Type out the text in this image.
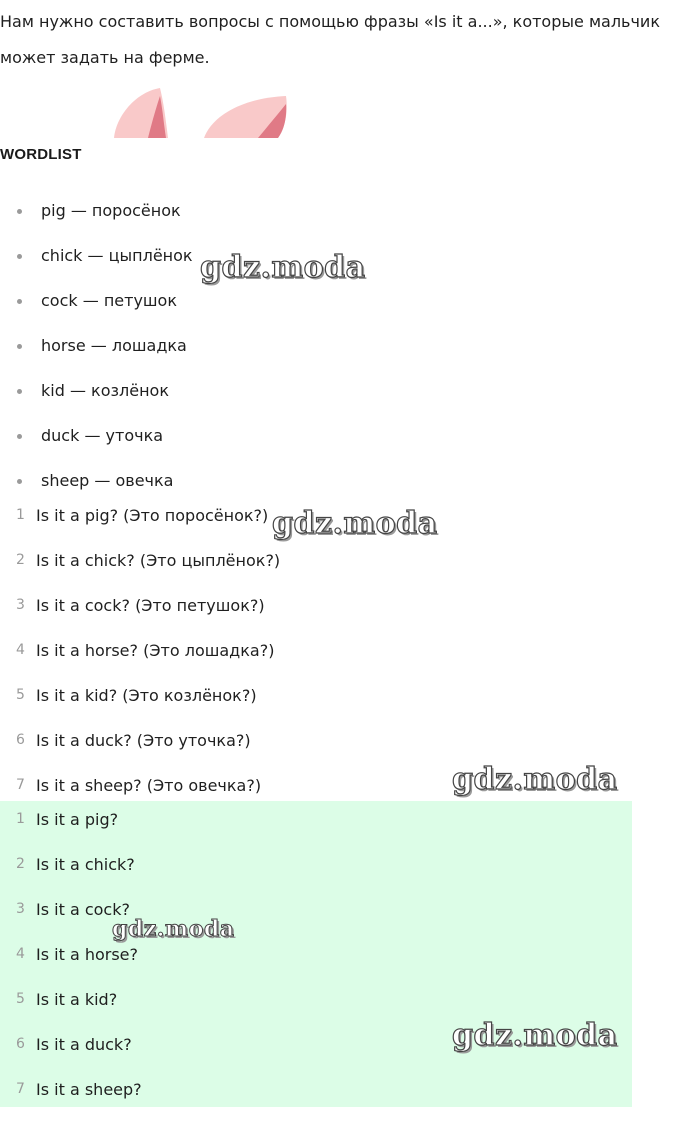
Нам нужно составить вопросы с помощью фразы «Is it a...», которые мальчик может задать на ферме.

WORDLIST
pig — поросёнок
chick — цыплёнок
cock — петушок
horse — лошадка
kid — козлёнок
duck — уточка
sheep — овечка
1 Is it a pig? (Это поросёнок?)
2 Is it a chick? (Это цыплёнок?)
3 Is it a cock? (Это петушок?)
4 Is it a horse? (Это лошадка?)
5 Is it a kid? (Это козлёнок?)
6 Is it a duck? (Это уточка?)
7 Is it a sheep? (Это овечка?)
1 Is it a pig?
2 Is it a chick?
3 Is it a cock?
4 Is it a horse?
5 Is it a kid?
6 Is it a duck?
7 Is it a sheep?
gdz.moda
gdz.moda
gdz.moda
gdz.moda
gdz.moda
